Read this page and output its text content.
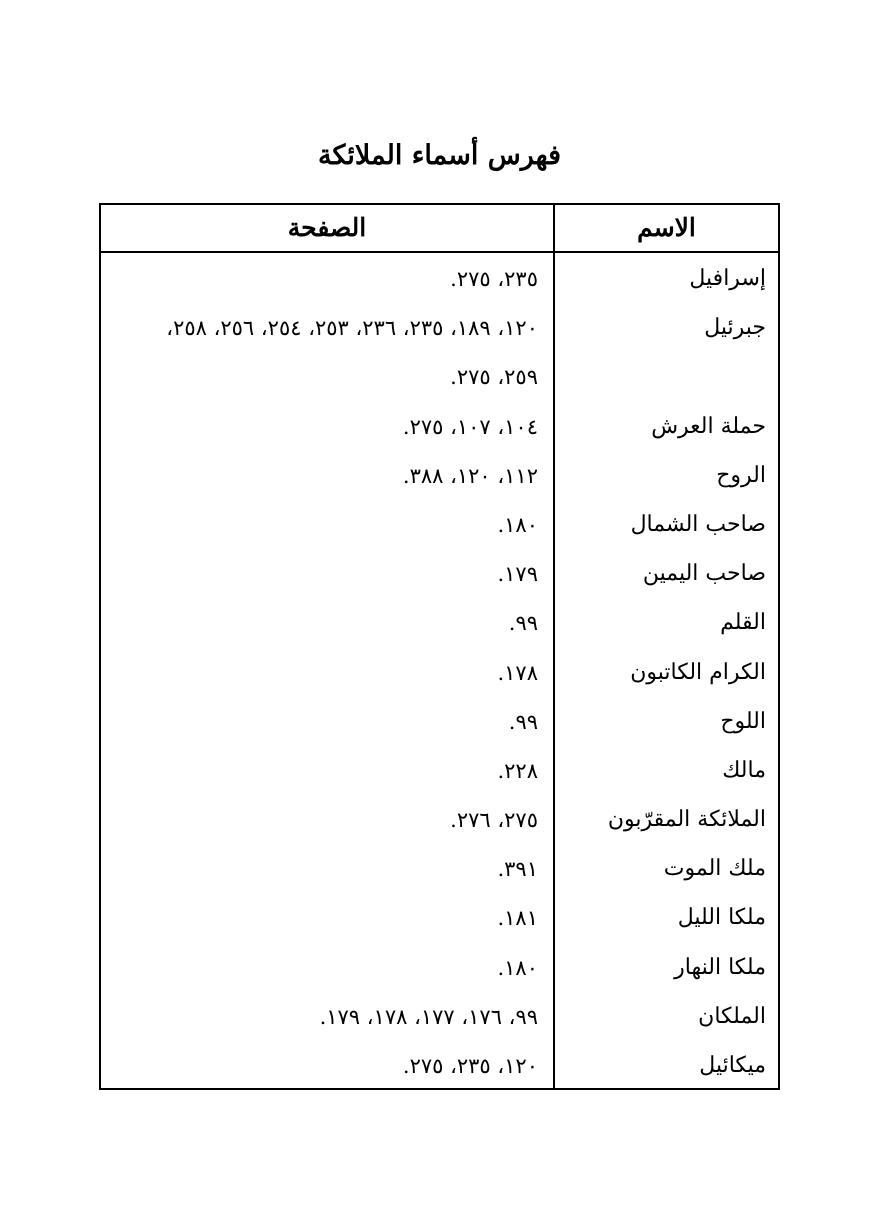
فهرس أسماء الملائكة
الاسم
الصفحة
إسرافيل
٢٣٥، ٢٧٥.
جبرئيل
١٢٠، ١٨٩، ٢٣٥، ٢٣٦، ٢٥٣، ٢٥٤، ٢٥٦، ٢٥٨،
٢٥٩، ٢٧٥.
حملة العرش
١٠٤، ١٠٧، ٢٧٥.
الروح
١١٢، ١٢٠، ٣٨٨.
صاحب الشمال
١٨٠.
صاحب اليمين
١٧٩.
القلم
٩٩.
الكرام الكاتبون
١٧٨.
اللوح
٩٩.
مالك
٢٢٨.
الملائكة المقرّبون
٢٧٥، ٢٧٦.
ملك الموت
٣٩١.
ملكا الليل
١٨١.
ملكا النهار
١٨٠.
الملكان
٩٩، ١٧٦، ١٧٧، ١٧٨، ١٧٩.
ميكائيل
١٢٠، ٢٣٥، ٢٧٥.
